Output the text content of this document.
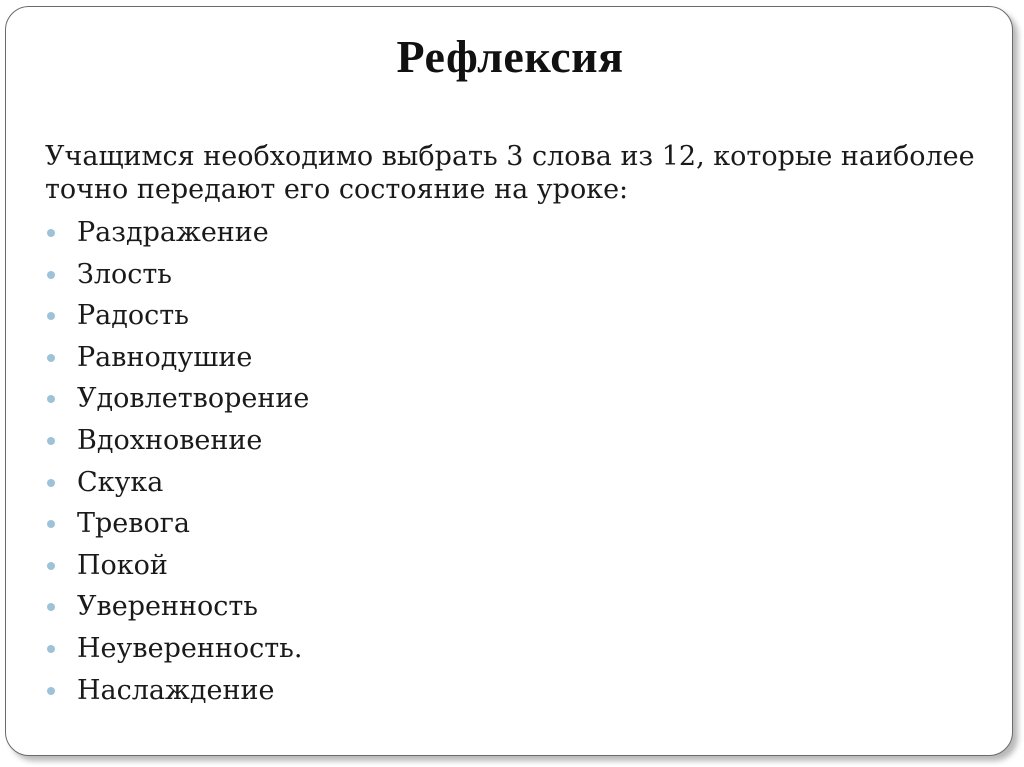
Рефлексия

Учащимся необходимо выбрать 3 слова из 12, которые наиболее точно передают его состояние на уроке:

Раздражение
Злость
Радость
Равнодушие
Удовлетворение
Вдохновение
Скука
Тревога
Покой
Уверенность
Неуверенность.
Наслаждение
